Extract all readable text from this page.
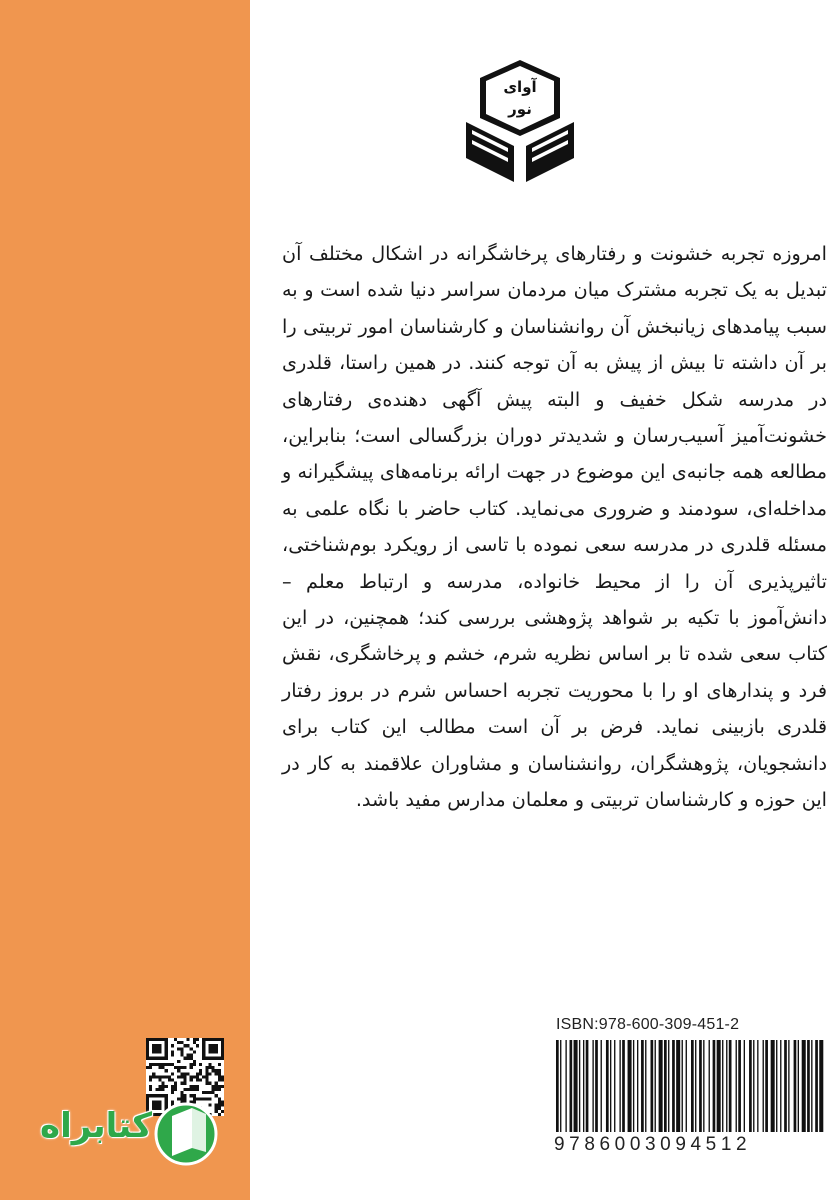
آوای
نور

امروزه تجربه خشونت و رفتارهای پرخاشگرانه در اشکال مختلف آن تبدیل به یک تجربه مشترک میان مردمان سراسر دنیا شده است و به سبب پیامدهای زیانبخش آن روانشناسان و کارشناسان امور تربیتی را بر آن داشته تا بیش از پیش به آن توجه کنند. در همین راستا، قلدری در مدرسه شکل خفیف و البته پیش آگهی دهنده‌ی رفتارهای خشونت‌آمیز آسیب‌رسان و شدیدتر دوران بزرگسالی است؛ بنابراین، مطالعه همه جانبه‌ی این موضوع در جهت ارائه برنامه‌های پیشگیرانه و مداخله‌ای، سودمند و ضروری می‌نماید. کتاب حاضر با نگاه علمی به مسئله قلدری در مدرسه سعی نموده با تاسی از رویکرد بوم‌شناختی، تاثیرپذیری آن را از محیط خانواده، مدرسه و ارتباط معلم – دانش‌آموز با تکیه بر شواهد پژوهشی بررسی کند؛ همچنین، در این کتاب سعی شده تا بر اساس نظریه شرم، خشم و پرخاشگری، نقش فرد و پندارهای او را با محوریت تجربه احساس شرم در بروز رفتار قلدری بازبینی نماید. فرض بر آن است مطالب این کتاب برای دانشجویان، پژوهشگران، روانشناسان و مشاوران علاقمند به کار در این حوزه و کارشناسان تربیتی و معلمان مدارس مفید باشد.

ISBN:978-600-309-451-2
9786003094512
کتابراه
